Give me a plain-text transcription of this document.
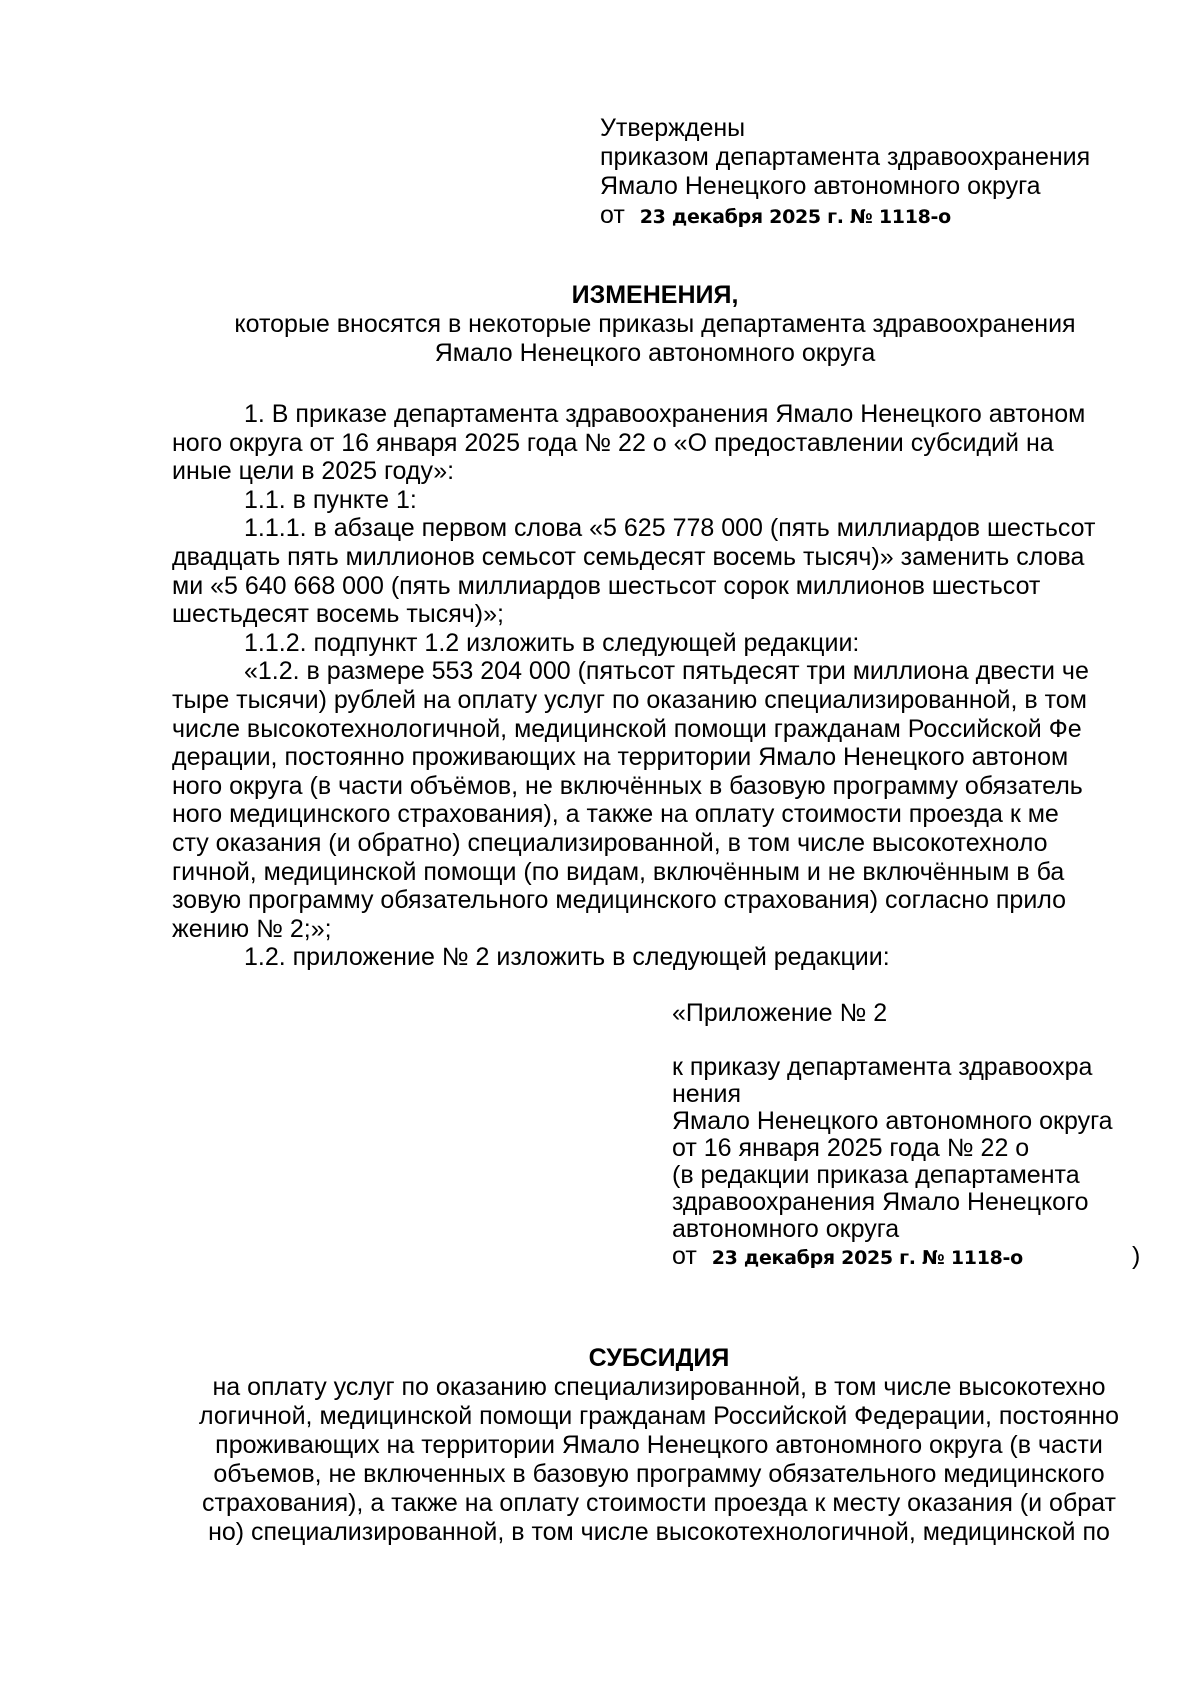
Утверждены
приказом департамента здравоохранения
Ямало Ненецкого автономного округа
от 23 декабря 2025 г. № 1118-о
ИЗМЕНЕНИЯ,
которые вносятся в некоторые приказы департамента здравоохранения
Ямало Ненецкого автономного округа
1. В приказе департамента здравоохранения Ямало Ненецкого автоном
ного округа от 16 января 2025 года № 22 о «О предоставлении субсидий на
иные цели в 2025 году»:
1.1. в пункте 1:
1.1.1. в абзаце первом слова «5 625 778 000 (пять миллиардов шестьсот
двадцать пять миллионов семьсот семьдесят восемь тысяч)» заменить слова
ми «5 640 668 000 (пять миллиардов шестьсот сорок миллионов шестьсот
шестьдесят восемь тысяч)»;
1.1.2. подпункт 1.2 изложить в следующей редакции:
«1.2. в размере 553 204 000 (пятьсот пятьдесят три миллиона двести че
тыре тысячи) рублей на оплату услуг по оказанию специализированной, в том
числе высокотехнологичной, медицинской помощи гражданам Российской Фе
дерации, постоянно проживающих на территории Ямало Ненецкого автоном
ного округа (в части объёмов, не включённых в базовую программу обязатель
ного медицинского страхования), а также на оплату стоимости проезда к ме
сту оказания (и обратно) специализированной, в том числе высокотехноло
гичной, медицинской помощи (по видам, включённым и не включённым в ба
зовую программу обязательного медицинского страхования) согласно прило
жению № 2;»;
1.2. приложение № 2 изложить в следующей редакции:
«Приложение № 2
к приказу департамента здравоохра
нения
Ямало Ненецкого автономного округа
от 16 января 2025 года № 22 о
(в редакции приказа департамента
здравоохранения Ямало Ненецкого
автономного округа
от 23 декабря 2025 г. № 1118-о	)
СУБСИДИЯ
на оплату услуг по оказанию специализированной, в том числе высокотехно
логичной, медицинской помощи гражданам Российской Федерации, постоянно
проживающих на территории Ямало Ненецкого автономного округа (в части
объемов, не включенных в базовую программу обязательного медицинского
страхования), а также на оплату стоимости проезда к месту оказания (и обрат
но) специализированной, в том числе высокотехнологичной, медицинской по
